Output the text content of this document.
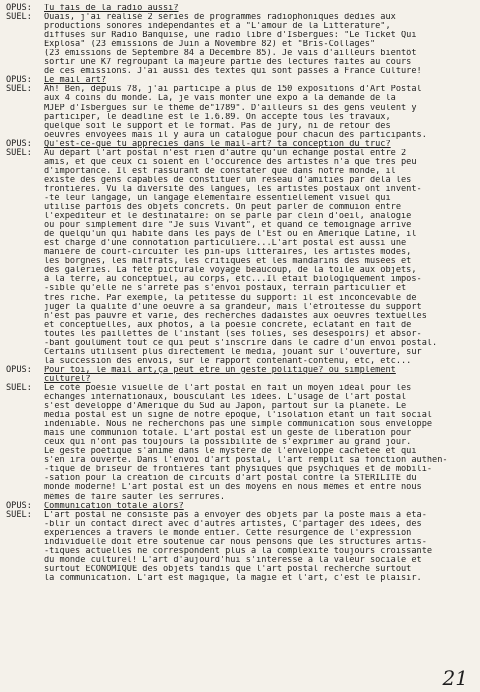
OPUS:	Tu fais de la radio aussi?
SUEL:	Ouais, j'ai réalisé 2 séries de programmes radiophoniques dédiés aux
productions sonores indépendantes et à "L'amour de la Littérature",
diffusés sur Radio Banquise, une radio libre d'Isbergues: "Le Ticket Qui
Explosa" (23 émissions de Juin à Novembre 82) et "Bris-Collages"
(23 émissions de Septembre 84 à Décembre 85). Je vais d'ailleurs bientôt
sortir une K7 regroupant la majeure partie des lectures faites au cours
de ces émissions. J'ai aussi des textes qui sont passés à France Culture!
OPUS:	Le mail art?
SUEL:	Ah! Ben, depuis 78, j'ai participé à plus de 150 expositions d'Art Postal
aux 4 coins du monde. Là, je vais monter une expo à la demande de la
MJEP d'Isbergues sur le thème de"1789". D'ailleurs si des gens veulent y
participer, le deadline est le 1.6.89. On accepte tous les travaux,
quelque soit le support et le format. Pas de jury, ni de retour des
oeuvres envoyées mais il y aura un catalogue pour chacun des participants.
OPUS:	Qu'est-ce-que tu apprécies dans le mail-art? ta conception du truc?
SUEL:	Au départ l'art postal n'est rien d'autre qu'un échange postal entre 2
amis, et que ceux ci soient en l'occurence des artistes n'a que très peu
d'importance. Il est rassurant de constater que dans notre monde, il
existe des gens capables de constituer un réseau d'amitiés par delà les
frontières. Vu la diversité des langues, les artistes postaux ont invent-
-té leur langage, un langage élémentaire essentiellement visuel qui
utilise parfois des objets concrets. On peut parler de commuion entre
l'expéditeur et le destinataire: on se parle par clein d'oeil, analogie
ou pour simplement dire "Je suis Vivant", et quand ce témoignage arrive
de quelqu'un qui habite dans les pays de l'Est ou en Amérique Latine, il
est chargé d'une connotation particulière...L'art postal est aussi une
manière de court-circuiter les pin-ups littéraires, les artistes modes,
les borgnes, les malfrats, les critiques et les mandarins des musées et
des galeries. La fête picturale voyage beaucoup, de la toile aux objets,
à la terre, au conceptuel, au corps, etc...Il était biologiquement impos-
-sible qu'elle ne s'arrête pas s'envoi postaux, terrain particulier et
très riche. Par exemple, la petitesse du support: il est inconcevable de
juger la qualité d'une oeuvre à sa grandeur, mais l'étroitesse du support
n'est pas pauvre et varie, des recherches dadaïstes aux oeuvres textuelles
et conceptuelles, aux photos, à la poésie concrète, éclatant en fait de
toutes les paillettes de l'instant (ses folies, ses desespoirs) et absor-
-bant goulûment tout ce qui peut s'inscrire dans le cadre d'un envoi postal.
Certains utilisent plus directement le media, jouant sur l'ouverture, sur
la succession des envois, sur le rapport contenant-contenu, etc, etc...
OPUS:	Pour toi, le mail art,ça peut etre un geste politique? ou simplement
culturel?
SUEL:	Le coté poésie visuelle de l'art postal en fait un moyen idéal pour les
échanges internationaux, bousculant les idées. L'usage de l'art postal
s'est développé d'Amérique du Sud au Japon, partout sur la planète. Le
media postal est un signe de notre époque, l'isolation étant un fait social
indéniable. Nous ne recherchons pas une simple communication sous enveloppe
mais une communion totale. L'art postal est un geste de libération pour
ceux qui n'ont pas toujours la possibilité de s'exprimer au grand jour.
Le geste poétique s'anime dans le mystère de l'enveloppe cachetée et qui
s'en ira ouverte. Dans l'envoi d'art postal, l'art remplit sa fonction authen-
-tique de briseur de frontières tant physiques que psychiques et de mobili-
-sation pour la création de circuits d'art postal contre la STERILITE du
monde moderne! L'art postal est un des moyens en nous mêmes et entre nous
mêmes de faire sauter les serrures.
OPUS:	Communication totale alors?
SUEL:	L'art postal ne consiste pas à envoyer des objets par la poste mais à éta-
-blir un contact direct avec d'autres artistes, C'partager des idées, des
expériences à travers le monde entier. Cette résurgence de l'expression
individuelle doit être soutenue car nous pensons que les structures artis-
-tiques actuelles ne correspondent plus à la complexité toujours croissante
du monde culturel! L'art d'aujourd'hui s'intéresse à la valeur sociale et
surtout ECONOMIQUE des objets tandis que l'art postal recherche surtout
la communication. L'art est magique, la magie et l'art, c'est le plaisir.
21
